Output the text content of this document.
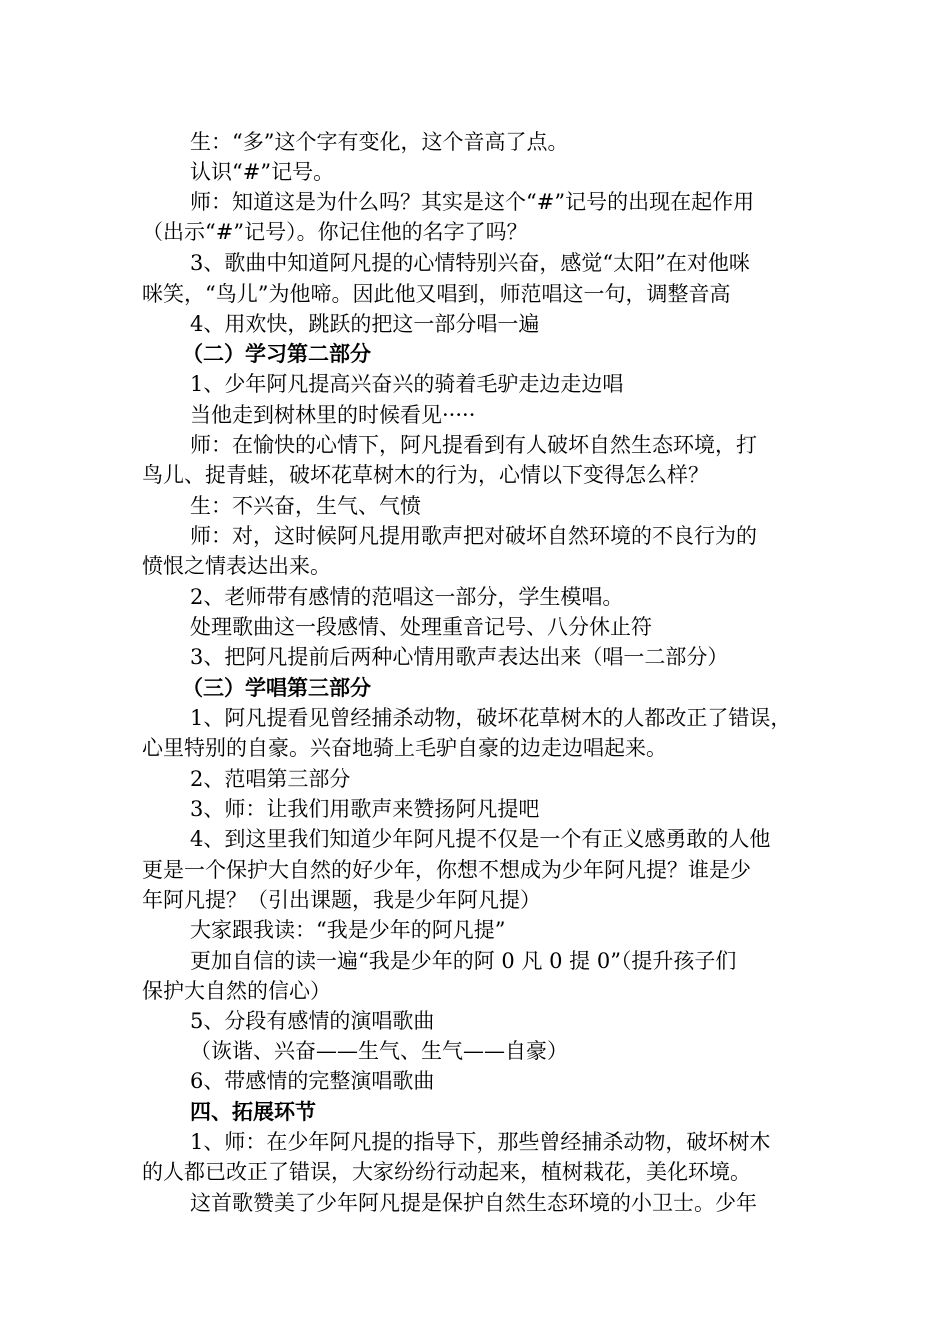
生：“多”这个字有变化，这个音高了点。
认识“#”记号。
师：知道这是为什么吗？其实是这个“#”记号的出现在起作用
（出示“#”记号）。你记住他的名字了吗？
3、歌曲中知道阿凡提的心情特别兴奋，感觉“太阳”在对他咪
咪笑，“鸟儿”为他啼。因此他又唱到，师范唱这一句，调整音高
4、用欢快，跳跃的把这一部分唱一遍
（二）学习第二部分
1、少年阿凡提高兴奋兴的骑着毛驴走边走边唱
当他走到树林里的时候看见·····
师：在愉快的心情下，阿凡提看到有人破坏自然生态环境，打
鸟儿、捉青蛙，破坏花草树木的行为，心情以下变得怎么样？
生：不兴奋，生气、气愤
师：对，这时候阿凡提用歌声把对破坏自然环境的不良行为的
愤恨之情表达出来。
2、老师带有感情的范唱这一部分，学生模唱。
处理歌曲这一段感情、处理重音记号、八分休止符
3、把阿凡提前后两种心情用歌声表达出来（唱一二部分）
（三）学唱第三部分
1、阿凡提看见曾经捕杀动物，破坏花草树木的人都改正了错误，
心里特别的自豪。兴奋地骑上毛驴自豪的边走边唱起来。
2、范唱第三部分
3、师：让我们用歌声来赞扬阿凡提吧
4、到这里我们知道少年阿凡提不仅是一个有正义感勇敢的人他
更是一个保护大自然的好少年，你想不想成为少年阿凡提？谁是少
年阿凡提？（引出课题，我是少年阿凡提）
大家跟我读：“我是少年的阿凡提”
更加自信的读一遍“我是少年的阿 0 凡 0 提 0”（提升孩子们
保护大自然的信心）
5、分段有感情的演唱歌曲
（诙谐、兴奋——生气、生气——自豪）
6、带感情的完整演唱歌曲
四、拓展环节
1、师：在少年阿凡提的指导下，那些曾经捕杀动物，破坏树木
的人都已改正了错误，大家纷纷行动起来，植树栽花，美化环境。
这首歌赞美了少年阿凡提是保护自然生态环境的小卫士。少年
